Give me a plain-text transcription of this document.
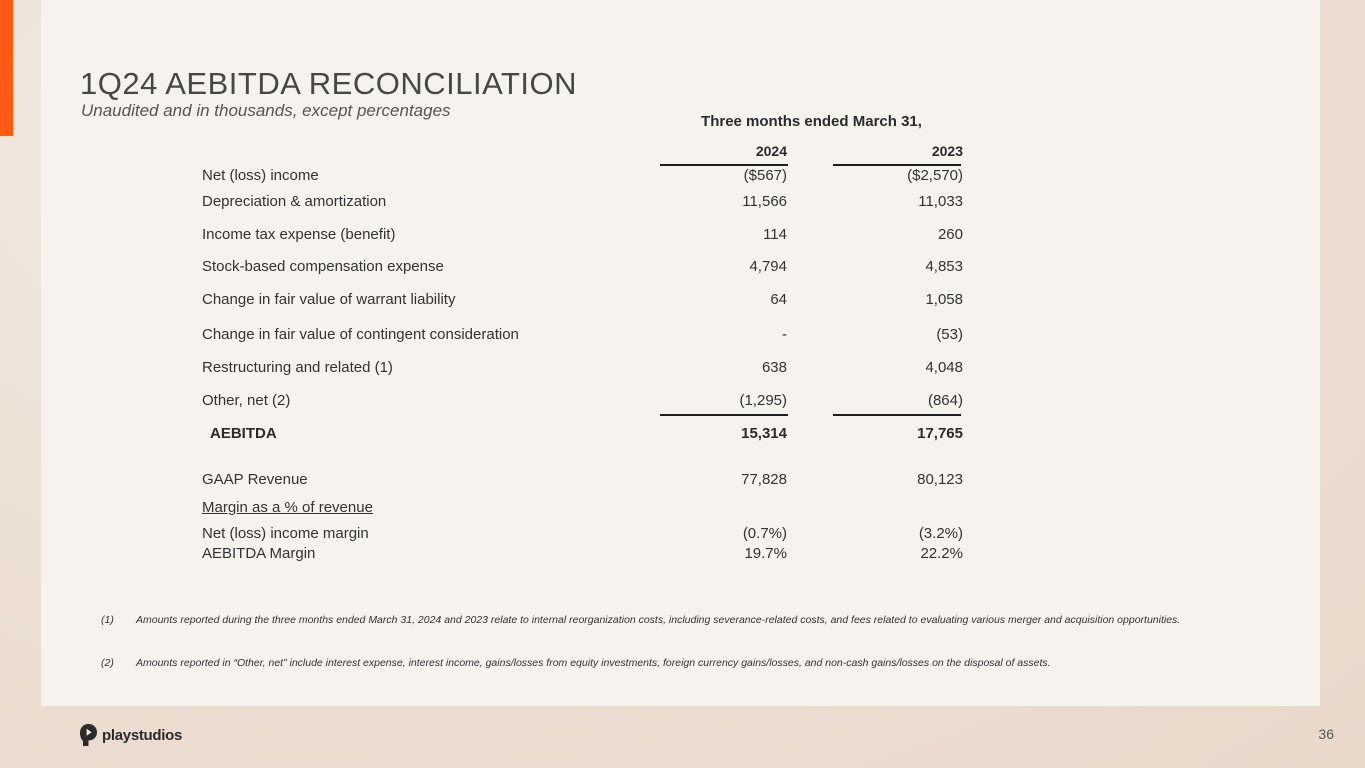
1Q24 AEBITDA RECONCILIATION
Unaudited and in thousands, except percentages
Three months ended March 31,
2024	2023
Net (loss) income	($567)	($2,570)
Depreciation & amortization	11,566	11,033
Income tax expense (benefit)	114	260
Stock-based compensation expense	4,794	4,853
Change in fair value of warrant liability	64	1,058
Change in fair value of contingent consideration	-	(53)
Restructuring and related (1)	638	4,048
Other, net (2)	(1,295)	(864)
AEBITDA	15,314	17,765
GAAP Revenue	77,828	80,123
Margin as a % of revenue
Net (loss) income margin	(0.7%)	(3.2%)
AEBITDA Margin	19.7%	22.2%
(1) Amounts reported during the three months ended March 31, 2024 and 2023 relate to internal reorganization costs, including severance-related costs, and fees related to evaluating various merger and acquisition opportunities.
(2) Amounts reported in “Other, net” include interest expense, interest income, gains/losses from equity investments, foreign currency gains/losses, and non-cash gains/losses on the disposal of assets.
playstudios	36
